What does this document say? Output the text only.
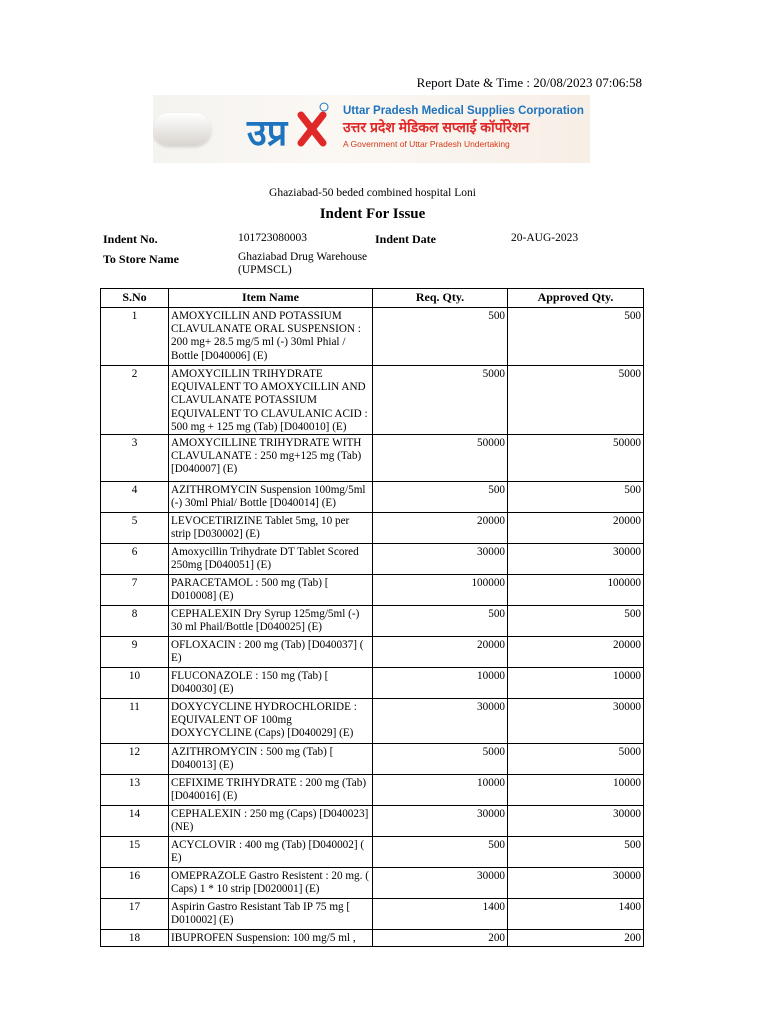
Report Date & Time : 20/08/2023 07:06:58
उप्र
Uttar Pradesh Medical Supplies Corporation
उत्तर प्रदेश मेडिकल सप्लाई कॉर्पोरेशन
A Government of Uttar Pradesh Undertaking
Ghaziabad-50 beded combined hospital Loni
Indent For Issue
Indent No.	101723080003	Indent Date	20-AUG-2023
To Store Name	Ghaziabad Drug Warehouse
(UPMSCL)
S.No	Item Name	Req. Qty.	Approved Qty.
1	AMOXYCILLIN AND POTASSIUM CLAVULANATE ORAL SUSPENSION : 200 mg+ 28.5 mg/5 ml (-) 30ml Phial / Bottle [D040006] (E)	500	500
2	AMOXYCILLIN TRIHYDRATE EQUIVALENT TO AMOXYCILLIN AND CLAVULANATE POTASSIUM EQUIVALENT TO CLAVULANIC ACID : 500 mg + 125 mg (Tab) [D040010] (E)	5000	5000
3	AMOXYCILLINE TRIHYDRATE WITH CLAVULANATE : 250 mg+125 mg (Tab) [D040007] (E)	50000	50000
4	AZITHROMYCIN Suspension 100mg/5ml (-) 30ml Phial/ Bottle [D040014] (E)	500	500
5	LEVOCETIRIZINE Tablet 5mg, 10 per strip [D030002] (E)	20000	20000
6	Amoxycillin Trihydrate DT Tablet Scored 250mg [D040051] (E)	30000	30000
7	PARACETAMOL : 500 mg (Tab) [ D010008] (E)	100000	100000
8	CEPHALEXIN Dry Syrup 125mg/5ml (-) 30 ml Phail/Bottle [D040025] (E)	500	500
9	OFLOXACIN : 200 mg (Tab) [D040037] ( E)	20000	20000
10	FLUCONAZOLE : 150 mg (Tab) [ D040030] (E)	10000	10000
11	DOXYCYCLINE HYDROCHLORIDE : EQUIVALENT OF 100mg DOXYCYCLINE (Caps) [D040029] (E)	30000	30000
12	AZITHROMYCIN : 500 mg (Tab) [ D040013] (E)	5000	5000
13	CEFIXIME TRIHYDRATE : 200 mg (Tab) [D040016] (E)	10000	10000
14	CEPHALEXIN : 250 mg (Caps) [D040023] (NE)	30000	30000
15	ACYCLOVIR : 400 mg (Tab) [D040002] ( E)	500	500
16	OMEPRAZOLE Gastro Resistent : 20 mg. ( Caps) 1 * 10 strip [D020001] (E)	30000	30000
17	Aspirin Gastro Resistant Tab IP 75 mg [ D010002] (E)	1400	1400
18	IBUPROFEN Suspension: 100 mg/5 ml ,	200	200
